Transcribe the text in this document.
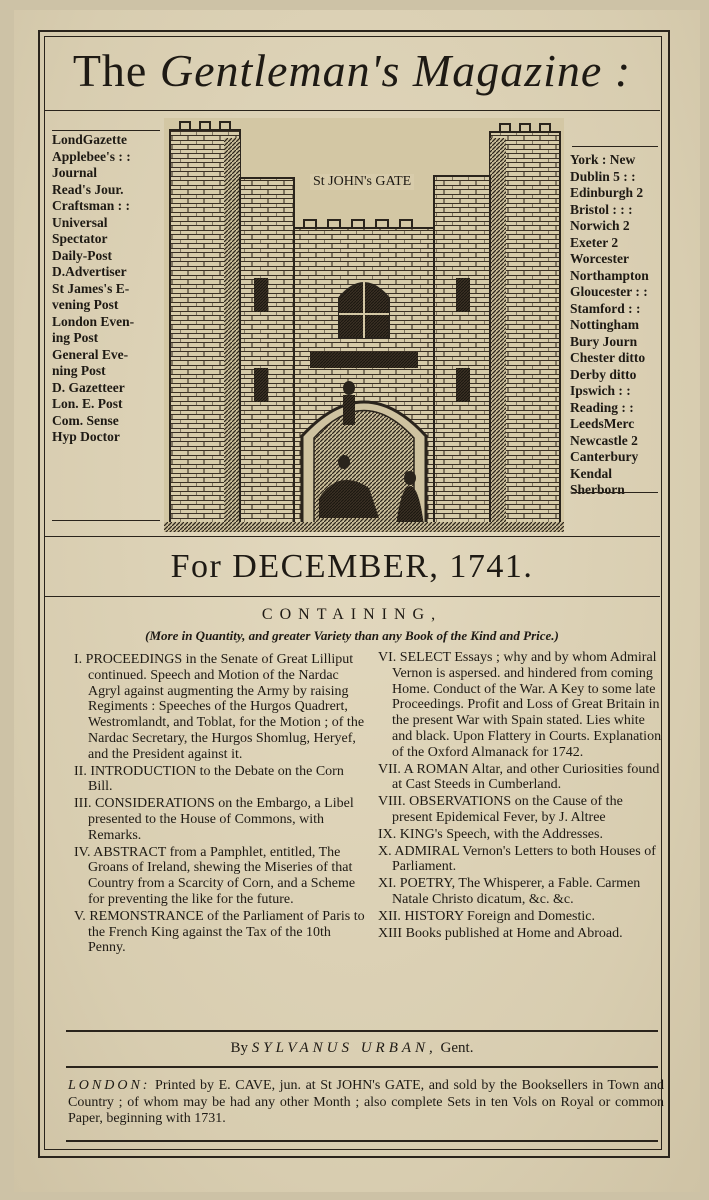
The Gentleman's Magazine :
LondGazette
Applebee's : :
Journal
Read's Jour.
Craftsman : :
Universal
Spectator
Daily-Post
D.Advertiser
St James's E-
vening Post
London Even-
ing Post
General Eve-
ning Post
D. Gazetteer
Lon. E. Post
Com. Sense
Hyp Doctor
York : New
Dublin 5 : :
Edinburgh 2
Bristol : : :
Norwich 2
Exeter 2
Worcester
Northampton
Gloucester : :
Stamford : :
Nottingham
Bury Journ
Chester ditto
Derby ditto
Ipswich : :
Reading : :
LeedsMerc
Newcastle 2
Canterbury
Kendal
Sherborn
St JOHN's GATE
For DECEMBER, 1741.
CONTAINING,
(More in Quantity, and greater Variety than any Book of the Kind and Price.)
I. PROCEEDINGS in the Senate of Great Lilliput continued. Speech and Motion of the Nardac Agryl against augmenting the Army by raising Regiments : Speeches of the Hurgos Quadrert, Westromlandt, and Toblat, for the Motion ; of the Nardac Secretary, the Hurgos Shomlug, Heryef, and the President against it.
II. INTRODUCTION to the Debate on the Corn Bill.
III. CONSIDERATIONS on the Embargo, a Libel presented to the House of Commons, with Remarks.
IV. ABSTRACT from a Pamphlet, entitled, The Groans of Ireland, shewing the Miseries of that Country from a Scarcity of Corn, and a Scheme for preventing the like for the future.
V. REMONSTRANCE of the Parliament of Paris to the French King against the Tax of the 10th Penny.
VI. SELECT Essays ; why and by whom Admiral Vernon is aspersed. and hindered from coming Home. Conduct of the War. A Key to some late Proceedings. Profit and Loss of Great Britain in the present War with Spain stated. Lies white and black. Upon Flattery in Courts. Explanation of the Oxford Almanack for 1742.
VII. A ROMAN Altar, and other Curiosities found at Cast Steeds in Cumberland.
VIII. OBSERVATIONS on the Cause of the present Epidemical Fever, by J. Altree
IX. KING's Speech, with the Addresses.
X. ADMIRAL Vernon's Letters to both Houses of Parliament.
XI. POETRY, The Whisperer, a Fable. Carmen Natale Christo dicatum, &c. &c.
XII. HISTORY Foreign and Domestic.
XIII Books published at Home and Abroad.
By SYLVANUS URBAN, Gent.
LONDON: Printed by E. CAVE, jun. at St JOHN's GATE, and sold by the Booksellers in Town and Country ; of whom may be had any other Month ; also complete Sets in ten Vols on Royal or common Paper, beginning with 1731.
